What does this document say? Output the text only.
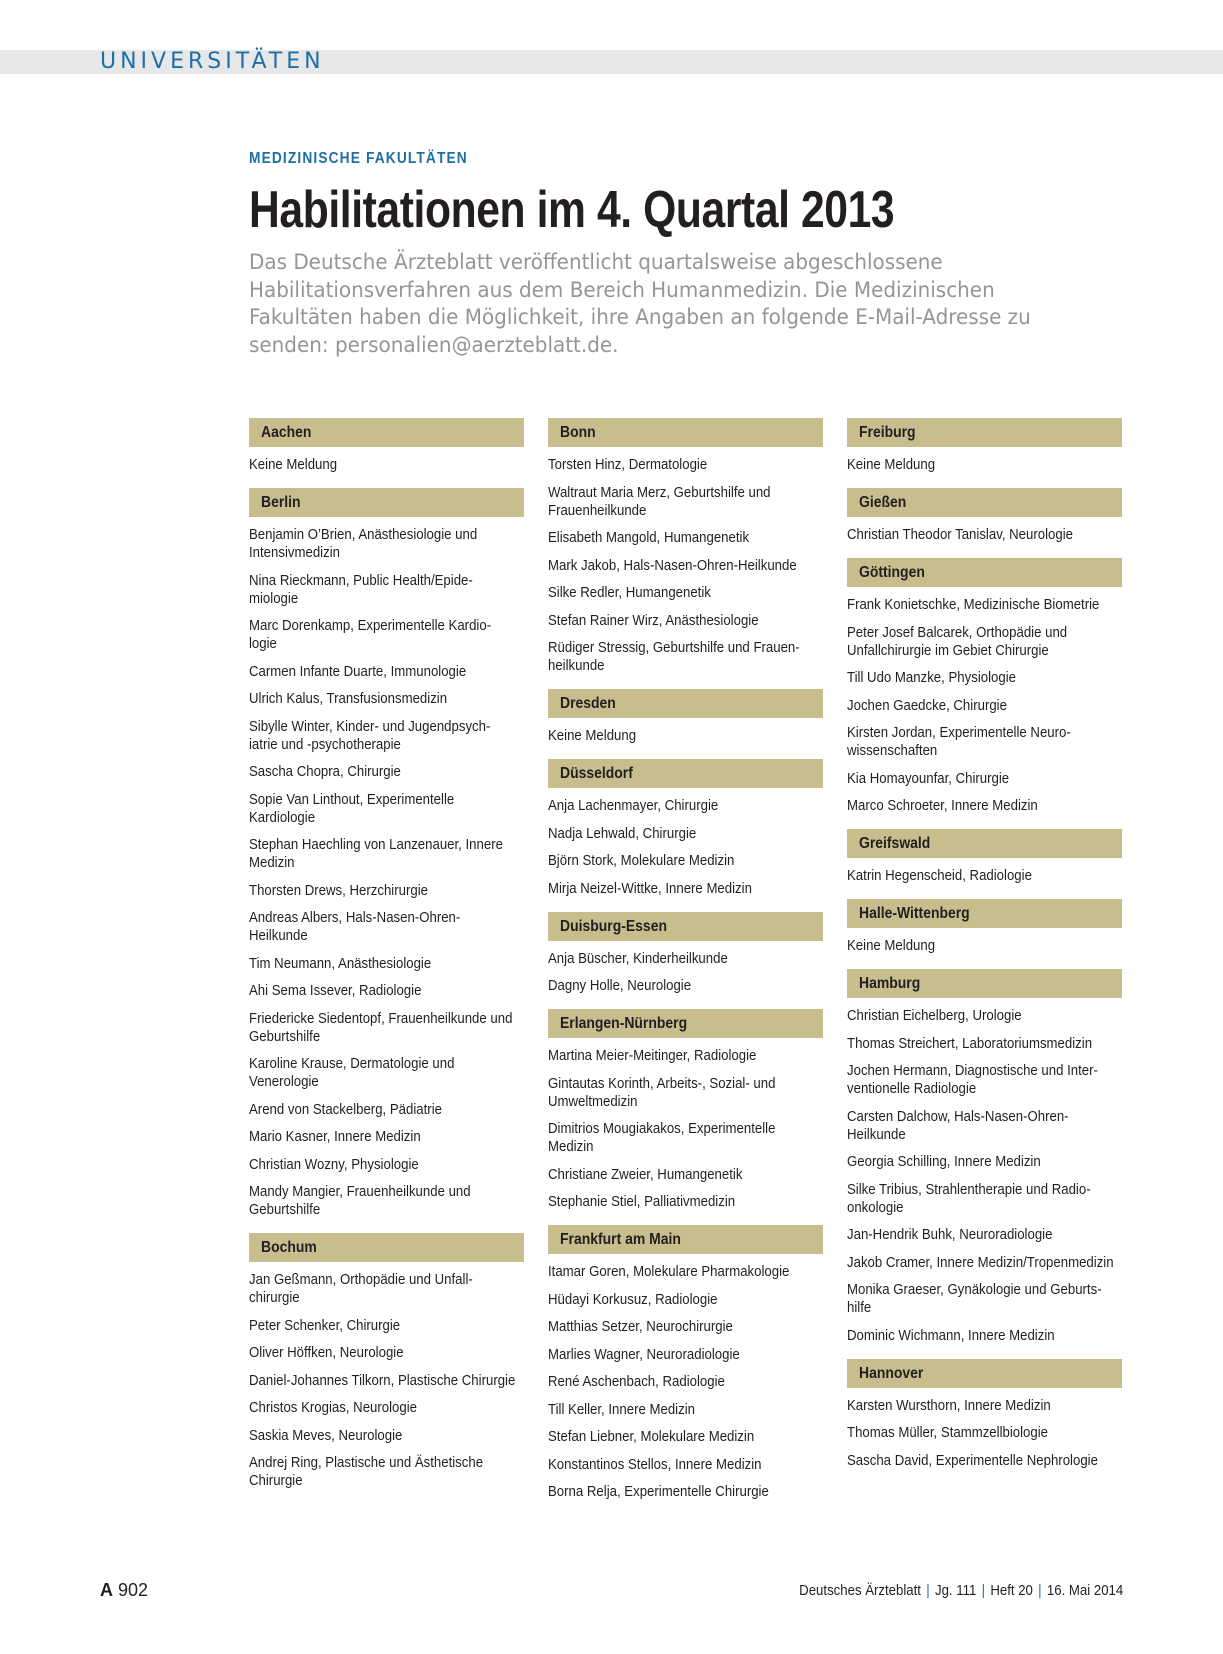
UNIVERSITÄTEN
MEDIZINISCHE FAKULTÄTEN
Habilitationen im 4. Quartal 2013
Das Deutsche Ärzteblatt veröffentlicht quartalsweise abgeschlossene Habilitationsverfahren aus dem Bereich Humanmedizin. Die Medizinischen Fakultäten haben die Möglichkeit, ihre Angaben an folgende E-Mail-Adresse zu senden: personalien@aerzteblatt.de.
Aachen
Keine Meldung
Berlin
Benjamin O’Brien, Anästhesiologie und Intensivmedizin
Nina Rieckmann, Public Health/Epide-miologie
Marc Dorenkamp, Experimentelle Kardio-logie
Carmen Infante Duarte, Immunologie
Ulrich Kalus, Transfusionsmedizin
Sibylle Winter, Kinder- und Jugendpsych-iatrie und -psychotherapie
Sascha Chopra, Chirurgie
Sopie Van Linthout, Experimentelle Kardiologie
Stephan Haechling von Lanzenauer, Innere Medizin
Thorsten Drews, Herzchirurgie
Andreas Albers, Hals-Nasen-Ohren-Heilkunde
Tim Neumann, Anästhesiologie
Ahi Sema Issever, Radiologie
Friedericke Siedentopf, Frauenheilkunde und Geburtshilfe
Karoline Krause, Dermatologie und Venerologie
Arend von Stackelberg, Pädiatrie
Mario Kasner, Innere Medizin
Christian Wozny, Physiologie
Mandy Mangier, Frauenheilkunde und Geburtshilfe
Bochum
Jan Geßmann, Orthopädie und Unfall-chirurgie
Peter Schenker, Chirurgie
Oliver Höffken, Neurologie
Daniel-Johannes Tilkorn, Plastische Chirurgie
Christos Krogias, Neurologie
Saskia Meves, Neurologie
Andrej Ring, Plastische und Ästhetische Chirurgie
Bonn
Torsten Hinz, Dermatologie
Waltraut Maria Merz, Geburtshilfe und Frauenheilkunde
Elisabeth Mangold, Humangenetik
Mark Jakob, Hals-Nasen-Ohren-Heilkunde
Silke Redler, Humangenetik
Stefan Rainer Wirz, Anästhesiologie
Rüdiger Stressig, Geburtshilfe und Frauen-heilkunde
Dresden
Keine Meldung
Düsseldorf
Anja Lachenmayer, Chirurgie
Nadja Lehwald, Chirurgie
Björn Stork, Molekulare Medizin
Mirja Neizel-Wittke, Innere Medizin
Duisburg-Essen
Anja Büscher, Kinderheilkunde
Dagny Holle, Neurologie
Erlangen-Nürnberg
Martina Meier-Meitinger, Radiologie
Gintautas Korinth, Arbeits-, Sozial- und Umweltmedizin
Dimitrios Mougiakakos, Experimentelle Medizin
Christiane Zweier, Humangenetik
Stephanie Stiel, Palliativmedizin
Frankfurt am Main
Itamar Goren, Molekulare Pharmakologie
Hüdayi Korkusuz, Radiologie
Matthias Setzer, Neurochirurgie
Marlies Wagner, Neuroradiologie
René Aschenbach, Radiologie
Till Keller, Innere Medizin
Stefan Liebner, Molekulare Medizin
Konstantinos Stellos, Innere Medizin
Borna Relja, Experimentelle Chirurgie
Freiburg
Keine Meldung
Gießen
Christian Theodor Tanislav, Neurologie
Göttingen
Frank Konietschke, Medizinische Biometrie
Peter Josef Balcarek, Orthopädie und Unfallchirurgie im Gebiet Chirurgie
Till Udo Manzke, Physiologie
Jochen Gaedcke, Chirurgie
Kirsten Jordan, Experimentelle Neuro-wissenschaften
Kia Homayounfar, Chirurgie
Marco Schroeter, Innere Medizin
Greifswald
Katrin Hegenscheid, Radiologie
Halle-Wittenberg
Keine Meldung
Hamburg
Christian Eichelberg, Urologie
Thomas Streichert, Laboratoriumsmedizin
Jochen Hermann, Diagnostische und Inter-ventionelle Radiologie
Carsten Dalchow, Hals-Nasen-Ohren-Heilkunde
Georgia Schilling, Innere Medizin
Silke Tribius, Strahlentherapie und Radio-onkologie
Jan-Hendrik Buhk, Neuroradiologie
Jakob Cramer, Innere Medizin/Tropenmedizin
Monika Graeser, Gynäkologie und Geburts-hilfe
Dominic Wichmann, Innere Medizin
Hannover
Karsten Wursthorn, Innere Medizin
Thomas Müller, Stammzellbiologie
Sascha David, Experimentelle Nephrologie
A 902	Deutsches Ärzteblatt | Jg. 111 | Heft 20 | 16. Mai 2014
